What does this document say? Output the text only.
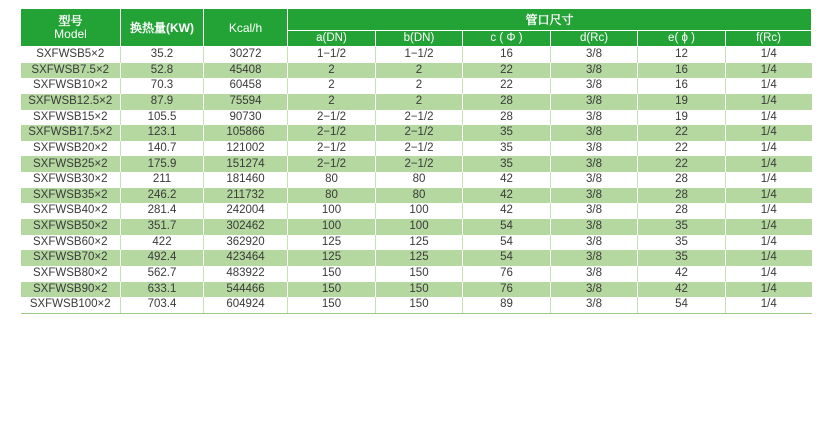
型号
Model	换热量(KW)	Kcal/h	管口尺寸					
			a(DN)	b(DN)	c ( Φ )	d(Rc)	e( ϕ )	f(Rc)
SXFWSB5×2	35.2	30272	1−1/2	1−1/2	16	3/8	12	1/4
SXFWSB7.5×2	52.8	45408	2	2	22	3/8	16	1/4
SXFWSB10×2	70.3	60458	2	2	22	3/8	16	1/4
SXFWSB12.5×2	87.9	75594	2	2	28	3/8	19	1/4
SXFWSB15×2	105.5	90730	2−1/2	2−1/2	28	3/8	19	1/4
SXFWSB17.5×2	123.1	105866	2−1/2	2−1/2	35	3/8	22	1/4
SXFWSB20×2	140.7	121002	2−1/2	2−1/2	35	3/8	22	1/4
SXFWSB25×2	175.9	151274	2−1/2	2−1/2	35	3/8	22	1/4
SXFWSB30×2	211	181460	80	80	42	3/8	28	1/4
SXFWSB35×2	246.2	211732	80	80	42	3/8	28	1/4
SXFWSB40×2	281.4	242004	100	100	42	3/8	28	1/4
SXFWSB50×2	351.7	302462	100	100	54	3/8	35	1/4
SXFWSB60×2	422	362920	125	125	54	3/8	35	1/4
SXFWSB70×2	492.4	423464	125	125	54	3/8	35	1/4
SXFWSB80×2	562.7	483922	150	150	76	3/8	42	1/4
SXFWSB90×2	633.1	544466	150	150	76	3/8	42	1/4
SXFWSB100×2	703.4	604924	150	150	89	3/8	54	1/4
